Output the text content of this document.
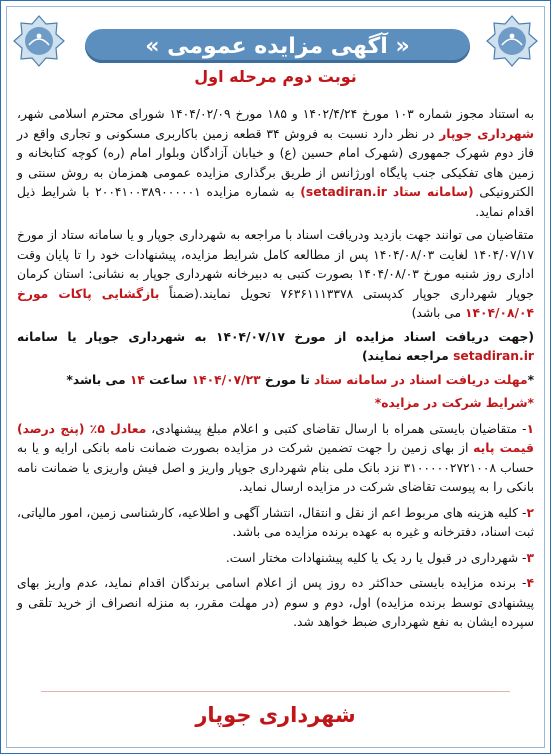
« آگهی مزایده عمومی »
نوبت دوم مرحله اول

به استناد مجوز شماره ۱۰۳ مورخ ۱۴۰۲/۴/۲۴ و ۱۸۵ مورخ ۱۴۰۴/۰۲/۰۹ شورای محترم اسلامی شهر، شهرداری جوپار در نظر دارد نسبت به فروش ۳۴ قطعه زمین باکاربری مسکونی و تجاری واقع در فاز دوم شهرک جمهوری (شهرک امام حسین (ع) و خیابان آزادگان وبلوار امام (ره) کوچه کتابخانه و زمین های تفکیکی جنب پایگاه اورژانس از طریق برگذاری مزایده عمومی همزمان به روش سنتی و الکترونیکی (سامانه ستاد setadiran.ir) به شماره مزایده ۲۰۰۴۱۰۰۳۸۹۰۰۰۰۰۱ با شرایط ذیل اقدام نماید.

متقاضیان می توانند جهت بازدید ودریافت اسناد با مراجعه به شهرداری جوپار و یا سامانه ستاد از مورخ ۱۴۰۴/۰۷/۱۷ لغایت ۱۴۰۴/۰۸/۰۳ پس از مطالعه کامل شرایط مزایده، پیشنهادات خود را تا پایان وقت اداری روز شنبه مورخ ۱۴۰۴/۰۸/۰۳ بصورت کتبی به دبیرخانه شهرداری جوپار به نشانی: استان کرمان جوپار شهرداری جوپار کدپستی ۷۶۳۶۱۱۱۳۳۷۸ تحویل نمایند.(ضمناً بازگشایی پاکات مورخ ۱۴۰۴/۰۸/۰۴ می باشد)

(جهت دریافت اسناد مزایده از مورخ ۱۴۰۴/۰۷/۱۷ به شهرداری جوپار یا سامانه setadiran.ir مراجعه نمایند)

*مهلت دریافت اسناد در سامانه ستاد تا مورخ ۱۴۰۴/۰۷/۲۳ ساعت ۱۴ می باشد*

*شرایط شرکت در مزایده*

۱- متقاضیان بایستی همراه با ارسال تقاضای کتبی و اعلام مبلغ پیشنهادی، معادل ۵٪ (پنج درصد) قیمت پایه از بهای زمین را جهت تضمین شرکت در مزایده بصورت ضمانت نامه بانکی ارایه و یا به حساب ۳۱۰۰۰۰۰۲۷۲۱۰۰۸ نزد بانک ملی بنام شهرداری جوپار واریز و اصل فیش واریزی یا ضمانت نامه بانکی را به پیوست تقاضای شرکت در مزایده ارسال نماید.

۲- کلیه هزینه های مربوط اعم از نقل و انتقال، انتشار آگهی و اطلاعیه، کارشناسی زمین، امور مالیاتی، ثبت اسناد، دفترخانه و غیره به عهده برنده مزایده می باشد.

۳- شهرداری در قبول یا رد یک یا کلیه پیشنهادات مختار است.

۴- برنده مزایده بایستی حداکثر ده روز پس از اعلام اسامی برندگان اقدام نماید، عدم واریز بهای پیشنهادی توسط برنده مزایده) اول، دوم و سوم (در مهلت مقرر، به منزله انصراف از خرید تلقی و سپرده ایشان به نفع شهرداری ضبط خواهد شد.

شهرداری جوپار
